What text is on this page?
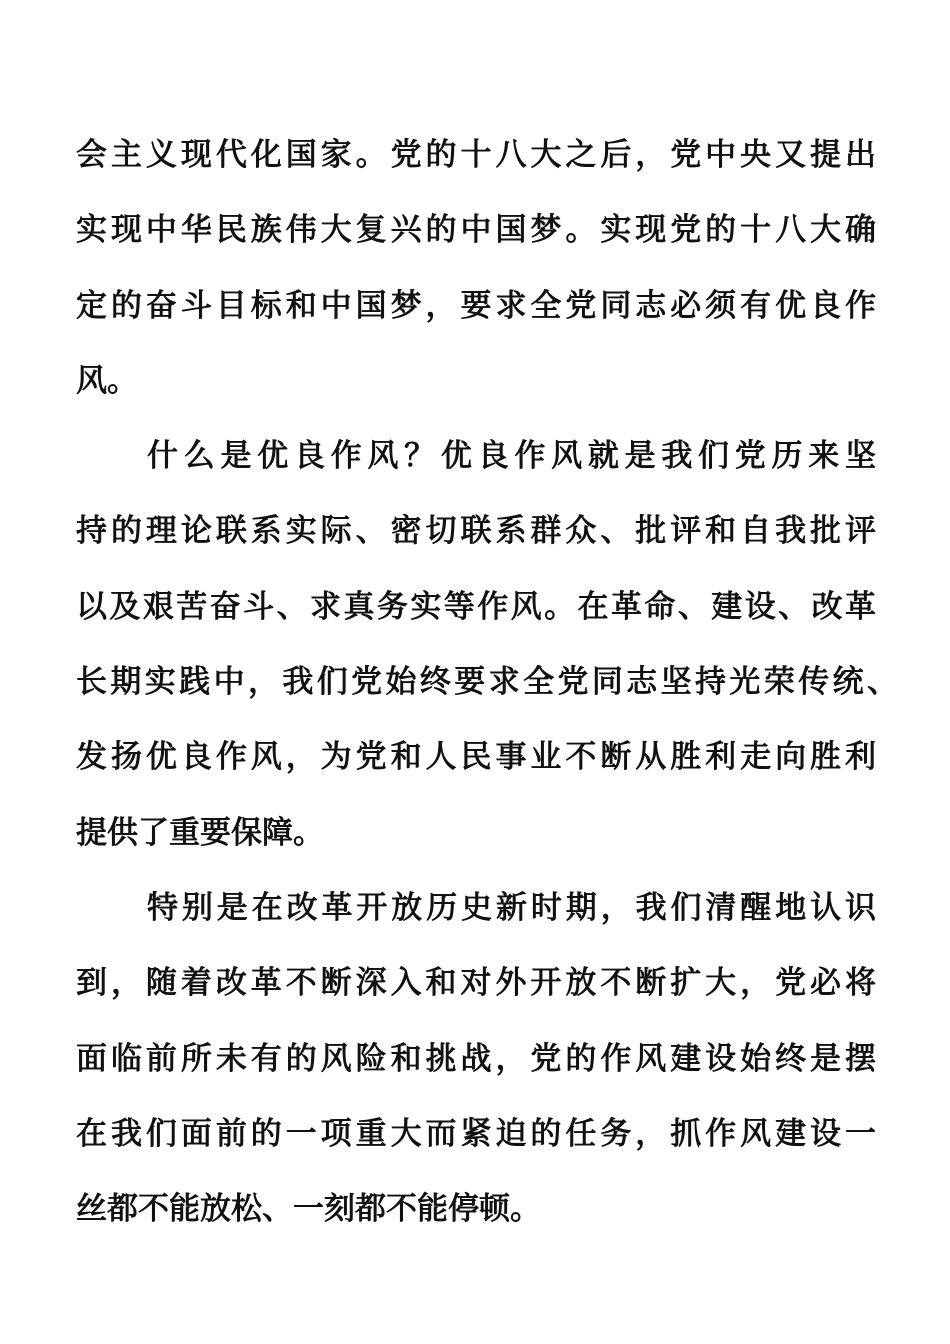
会主义现代化国家。党的十八大之后，党中央又提出
实现中华民族伟大复兴的中国梦。实现党的十八大确
定的奋斗目标和中国梦，要求全党同志必须有优良作
风。
什么是优良作风？优良作风就是我们党历来坚
持的理论联系实际、密切联系群众、批评和自我批评
以及艰苦奋斗、求真务实等作风。在革命、建设、改革
长期实践中，我们党始终要求全党同志坚持光荣传统、
发扬优良作风，为党和人民事业不断从胜利走向胜利
提供了重要保障。
特别是在改革开放历史新时期，我们清醒地认识
到，随着改革不断深入和对外开放不断扩大，党必将
面临前所未有的风险和挑战，党的作风建设始终是摆
在我们面前的一项重大而紧迫的任务，抓作风建设一
丝都不能放松、一刻都不能停顿。
